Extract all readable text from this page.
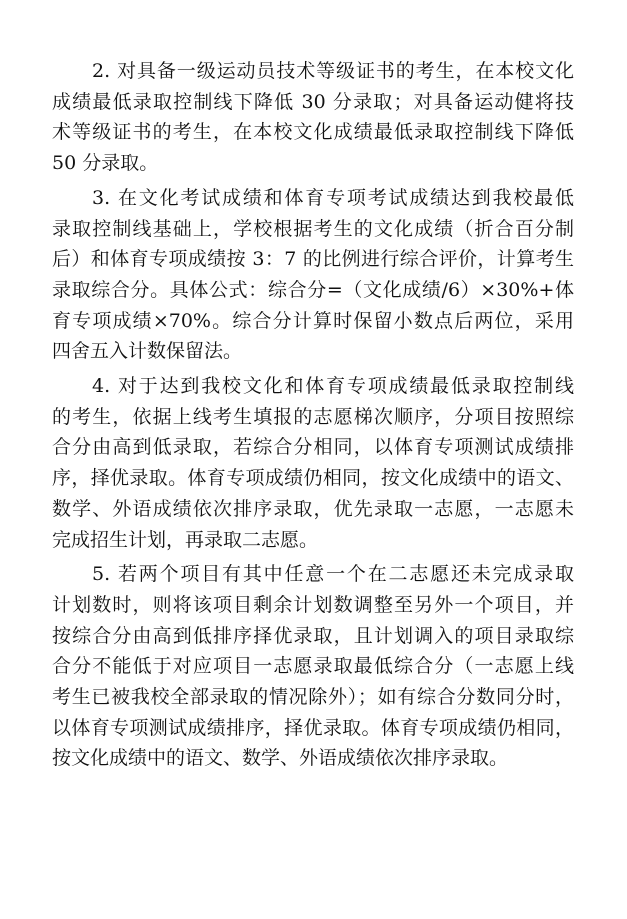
2. 对具备一级运动员技术等级证书的考生，在本校文化
成绩最低录取控制线下降低 30 分录取；对具备运动健将技
术等级证书的考生，在本校文化成绩最低录取控制线下降低
50 分录取。

3. 在文化考试成绩和体育专项考试成绩达到我校最低
录取控制线基础上，学校根据考生的文化成绩（折合百分制
后）和体育专项成绩按 3：7 的比例进行综合评价，计算考生
录取综合分。具体公式：综合分=（文化成绩/6）×30%+体
育专项成绩×70%。综合分计算时保留小数点后两位，采用
四舍五入计数保留法。

4. 对于达到我校文化和体育专项成绩最低录取控制线
的考生，依据上线考生填报的志愿梯次顺序，分项目按照综
合分由高到低录取，若综合分相同，以体育专项测试成绩排
序，择优录取。体育专项成绩仍相同，按文化成绩中的语文、
数学、外语成绩依次排序录取，优先录取一志愿，一志愿未
完成招生计划，再录取二志愿。

5. 若两个项目有其中任意一个在二志愿还未完成录取
计划数时，则将该项目剩余计划数调整至另外一个项目，并
按综合分由高到低排序择优录取，且计划调入的项目录取综
合分不能低于对应项目一志愿录取最低综合分（一志愿上线
考生已被我校全部录取的情况除外）；如有综合分数同分时，
以体育专项测试成绩排序，择优录取。体育专项成绩仍相同，
按文化成绩中的语文、数学、外语成绩依次排序录取。
